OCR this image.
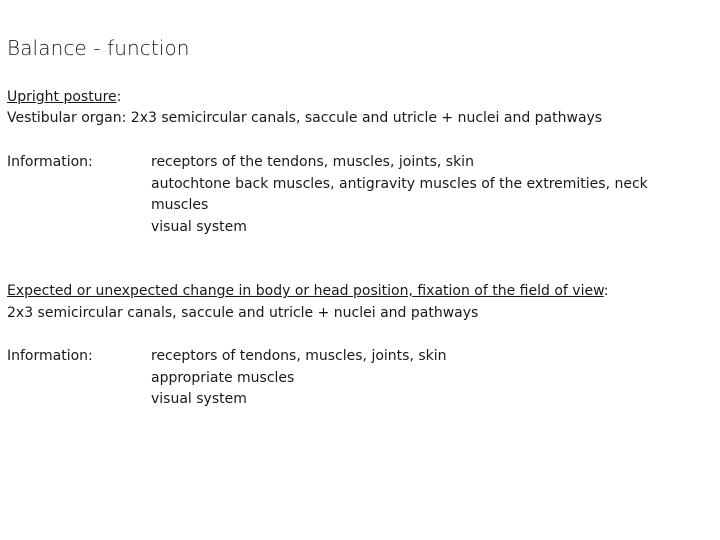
Balance - function
Upright posture:
Vestibular organ: 2x3 semicircular canals, saccule and utricle + nuclei and pathways
Information:	receptors of the tendons, muscles, joints, skin
autochtone back muscles, antigravity muscles of the extremities, neck
muscles
visual system
Expected or unexpected change in body or head position, fixation of the field of view:
2x3 semicircular canals, saccule and utricle + nuclei and pathways
Information:	receptors of tendons, muscles, joints, skin
appropriate muscles
visual system
